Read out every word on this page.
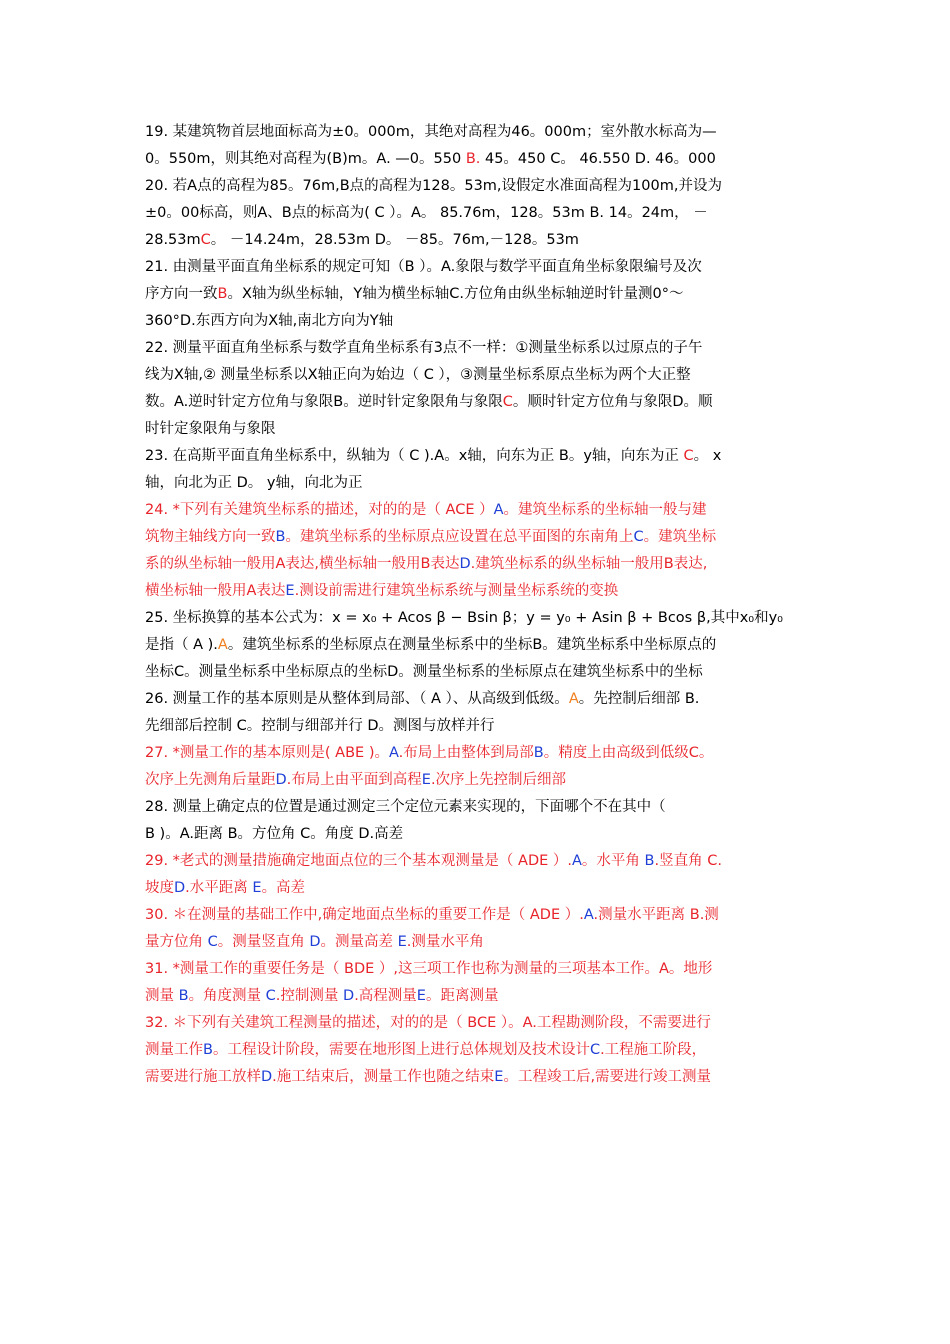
19. 某建筑物首层地面标高为±0。000m，其绝对高程为46。000m；室外散水标高为—
0。550m，则其绝对高程为(B)m。A. —0。550 B. 45。450 C。 46.550 D. 46。000
20. 若A点的高程为85。76m,B点的高程为128。53m,设假定水准面高程为100m,并设为
±0。00标高，则A、B点的标高为( C ）。A。 85.76m，128。53m B. 14。24m， －
28.53mC。 －14.24m，28.53m D。 －85。76m,－128。53m
21. 由测量平面直角坐标系的规定可知（B ）。A.象限与数学平面直角坐标象限编号及次
序方向一致B。X轴为纵坐标轴，Y轴为横坐标轴C.方位角由纵坐标轴逆时针量测0°～
360°D.东西方向为X轴,南北方向为Y轴
22. 测量平面直角坐标系与数学直角坐标系有3点不一样：①测量坐标系以过原点的子午
线为X轴,② 测量坐标系以X轴正向为始边（ C ），③测量坐标系原点坐标为两个大正整
数。A.逆时针定方位角与象限B。逆时针定象限角与象限C。顺时针定方位角与象限D。顺
时针定象限角与象限
23. 在高斯平面直角坐标系中，纵轴为（ C ).A。x轴，向东为正 B。y轴，向东为正 C。 x
轴，向北为正 D。 y轴，向北为正
24. *下列有关建筑坐标系的描述，对的的是（ ACE ）A。建筑坐标系的坐标轴一般与建
筑物主轴线方向一致B。建筑坐标系的坐标原点应设置在总平面图的东南角上C。建筑坐标
系的纵坐标轴一般用A表达,横坐标轴一般用B表达D.建筑坐标系的纵坐标轴一般用B表达,
横坐标轴一般用A表达E.测设前需进行建筑坐标系统与测量坐标系统的变换
25. 坐标换算的基本公式为：x = x₀ + Acos β − Bsin β；y = y₀ + Asin β + Bcos β,其中x₀和y₀
是指（ A ).A。建筑坐标系的坐标原点在测量坐标系中的坐标B。建筑坐标系中坐标原点的
坐标C。测量坐标系中坐标原点的坐标D。测量坐标系的坐标原点在建筑坐标系中的坐标
26. 测量工作的基本原则是从整体到局部、（ A ）、从高级到低级。A。先控制后细部 B.
先细部后控制 C。控制与细部并行 D。测图与放样并行
27. *测量工作的基本原则是( ABE )。A.布局上由整体到局部B。精度上由高级到低级C。
次序上先测角后量距D.布局上由平面到高程E.次序上先控制后细部
28. 测量上确定点的位置是通过测定三个定位元素来实现的，下面哪个不在其中（
B )。A.距离 B。方位角 C。角度 D.高差
29. *老式的测量措施确定地面点位的三个基本观测量是（ ADE ）.A。水平角 B.竖直角 C.
坡度D.水平距离 E。高差
30. ＊在测量的基础工作中,确定地面点坐标的重要工作是（ ADE ）.A.测量水平距离 B.测
量方位角 C。测量竖直角 D。测量高差 E.测量水平角
31. *测量工作的重要任务是（ BDE ）,这三项工作也称为测量的三项基本工作。A。地形
测量 B。角度测量 C.控制测量 D.高程测量E。距离测量
32. ＊下列有关建筑工程测量的描述，对的的是（ BCE ）。A.工程勘测阶段，不需要进行
测量工作B。工程设计阶段，需要在地形图上进行总体规划及技术设计C.工程施工阶段，
需要进行施工放样D.施工结束后，测量工作也随之结束E。工程竣工后,需要进行竣工测量
